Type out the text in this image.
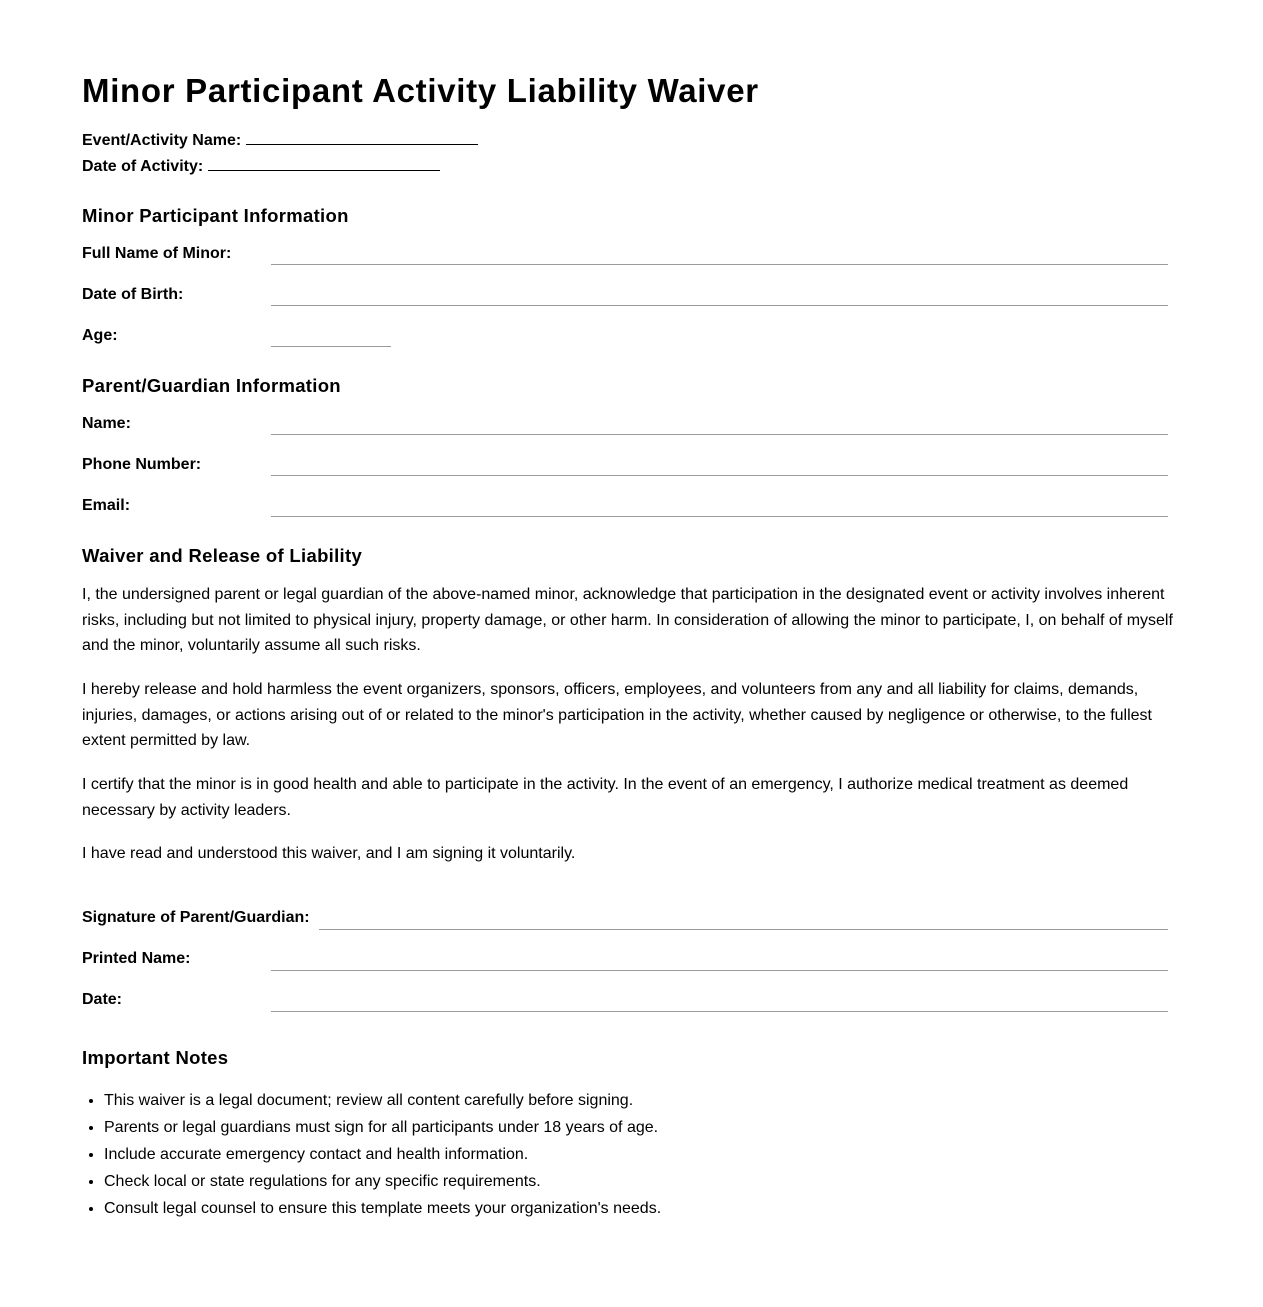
Minor Participant Activity Liability Waiver
Event/Activity Name:
Date of Activity:
Minor Participant Information
Full Name of Minor:
Date of Birth:
Age:
Parent/Guardian Information
Name:
Phone Number:
Email:
Waiver and Release of Liability

I, the undersigned parent or legal guardian of the above-named minor, acknowledge that participation in the designated event or activity involves inherent risks, including but not limited to physical injury, property damage, or other harm. In consideration of allowing the minor to participate, I, on behalf of myself and the minor, voluntarily assume all such risks.

I hereby release and hold harmless the event organizers, sponsors, officers, employees, and volunteers from any and all liability for claims, demands, injuries, damages, or actions arising out of or related to the minor's participation in the activity, whether caused by negligence or otherwise, to the fullest extent permitted by law.

I certify that the minor is in good health and able to participate in the activity. In the event of an emergency, I authorize medical treatment as deemed necessary by activity leaders.

I have read and understood this waiver, and I am signing it voluntarily.

Signature of Parent/Guardian:
Printed Name:
Date:
Important Notes
• This waiver is a legal document; review all content carefully before signing.
• Parents or legal guardians must sign for all participants under 18 years of age.
• Include accurate emergency contact and health information.
• Check local or state regulations for any specific requirements.
• Consult legal counsel to ensure this template meets your organization's needs.
